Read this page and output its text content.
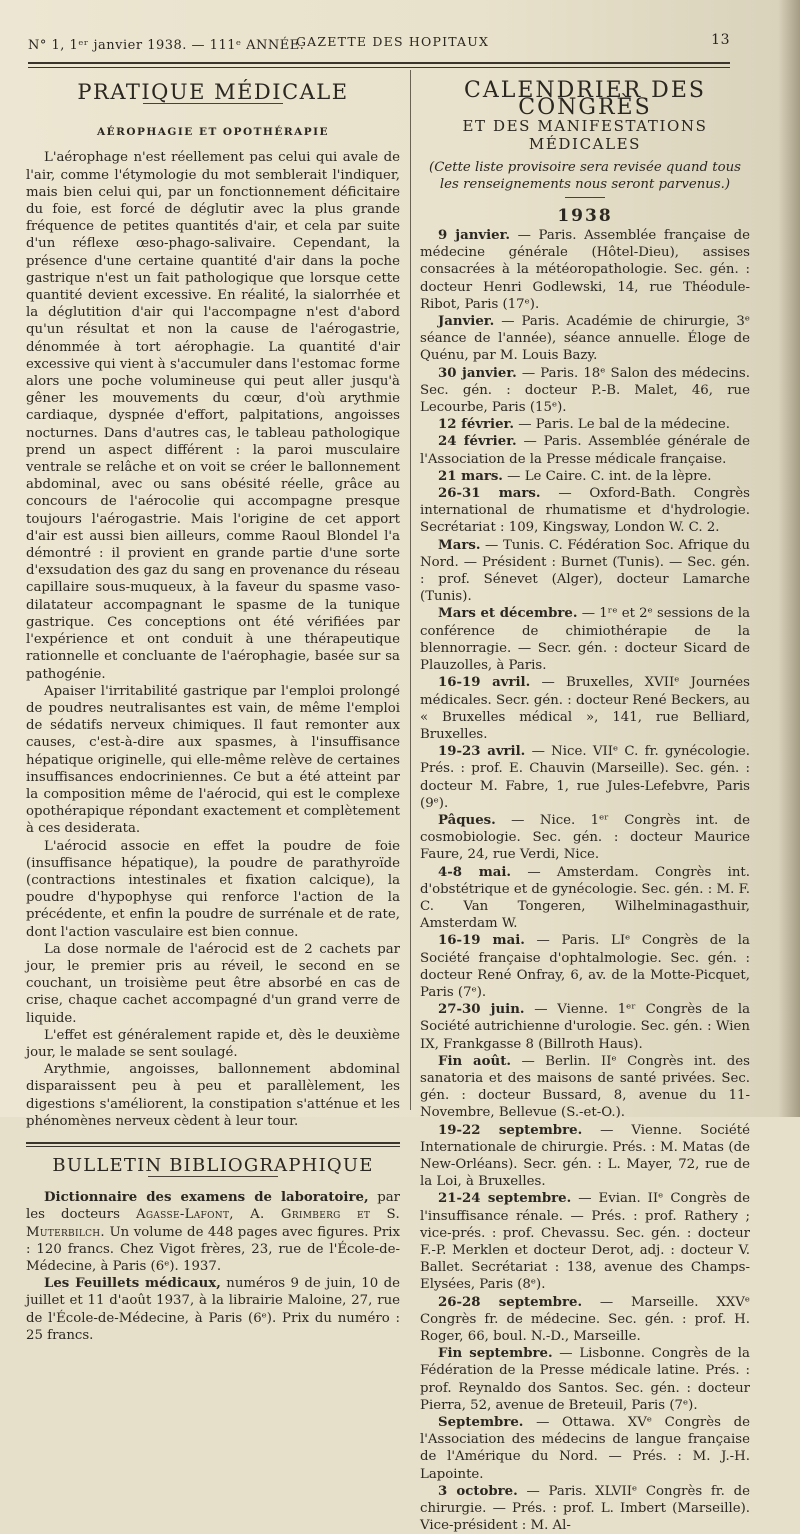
N° 1, 1ᵉʳ janvier 1938. — 111ᵉ ANNÉE.
GAZETTE DES HOPITAUX	13
PRATIQUE MÉDICALE
AÉROPHAGIE ET OPOTHÉRAPIE

L'aérophage n'est réellement pas celui qui avale de l'air, comme l'étymologie du mot semblerait l'indiquer, mais bien celui qui, par un fonctionnement déficitaire du foie, est forcé de déglutir avec la plus grande fréquence de petites quantités d'air, et cela par suite d'un réflexe œso-phago-salivaire. Cependant, la présence d'une certaine quantité d'air dans la poche gastrique n'est un fait pathologique que lorsque cette quantité devient excessive. En réalité, la sialorrhée et la déglutition d'air qui l'accompagne n'est d'abord qu'un résultat et non la cause de l'aérogastrie, dénommée à tort aérophagie. La quantité d'air excessive qui vient à s'accumuler dans l'estomac forme alors une poche volumineuse qui peut aller jusqu'à gêner les mouvements du cœur, d'où arythmie cardiaque, dyspnée d'effort, palpitations, angoisses nocturnes. Dans d'autres cas, le tableau pathologique prend un aspect différent : la paroi musculaire ventrale se relâche et on voit se créer le ballonnement abdominal, avec ou sans obésité réelle, grâce au concours de l'aérocolie qui accompagne presque toujours l'aérogastrie. Mais l'origine de cet apport d'air est aussi bien ailleurs, comme Raoul Blondel l'a démontré : il provient en grande partie d'une sorte d'exsudation des gaz du sang en provenance du réseau capillaire sous-muqueux, à la faveur du spasme vaso-dilatateur accompagnant le spasme de la tunique gastrique. Ces conceptions ont été vérifiées par l'expérience et ont conduit à une thérapeutique rationnelle et concluante de l'aérophagie, basée sur sa pathogénie.

Apaiser l'irritabilité gastrique par l'emploi prolongé de poudres neutralisantes est vain, de même l'emploi de sédatifs nerveux chimiques. Il faut remonter aux causes, c'est-à-dire aux spasmes, à l'insuffisance hépatique originelle, qui elle-même relève de certaines insuffisances endocriniennes. Ce but a été atteint par la composition même de l'aérocid, qui est le complexe opothérapique répondant exactement et complètement à ces desiderata.

L'aérocid associe en effet la poudre de foie (insuffisance hépatique), la poudre de parathyroïde (contractions intestinales et fixation calcique), la poudre d'hypophyse qui renforce l'action de la précédente, et enfin la poudre de surrénale et de rate, dont l'action vasculaire est bien connue.

La dose normale de l'aérocid est de 2 cachets par jour, le premier pris au réveil, le second en se couchant, un troisième peut être absorbé en cas de crise, chaque cachet accompagné d'un grand verre de liquide.

L'effet est généralement rapide et, dès le deuxième jour, le malade se sent soulagé.

Arythmie, angoisses, ballonnement abdominal disparaissent peu à peu et parallèlement, les digestions s'améliorent, la constipation s'atténue et les phénomènes nerveux cèdent à leur tour.

BULLETIN BIBLIOGRAPHIQUE

Dictionnaire des examens de laboratoire, par les docteurs Agasse-Lafont, A. Grimberg et S. Muterbilch. Un volume de 448 pages avec figures. Prix : 120 francs. Chez Vigot frères, 23, rue de l'École-de-Médecine, à Paris (6ᵉ). 1937.

Les Feuillets médicaux, numéros 9 de juin, 10 de juillet et 11 d'août 1937, à la librairie Maloine, 27, rue de l'École-de-Médecine, à Paris (6ᵉ). Prix du numéro : 25 francs.

CALENDRIER DES CONGRÈS
ET DES MANIFESTATIONS MÉDICALES
(Cette liste provisoire sera revisée quand tous les renseignements nous seront parvenus.)
1938

9 janvier. — Paris. Assemblée française de médecine générale (Hôtel-Dieu), assises consacrées à la météoropathologie. Sec. gén. : docteur Henri Godlewski, 14, rue Théodule-Ribot, Paris (17ᵉ).

Janvier. — Paris. Académie de chirurgie, 3ᵉ séance de l'année), séance annuelle. Éloge de Quénu, par M. Louis Bazy.

30 janvier. — Paris. 18ᵉ Salon des médecins. Sec. gén. : docteur P.-B. Malet, 46, rue Lecourbe, Paris (15ᵉ).

12 février. — Paris. Le bal de la médecine.

24 février. — Paris. Assemblée générale de l'Association de la Presse médicale française.

21 mars. — Le Caire. C. int. de la lèpre.

26-31 mars. — Oxford-Bath. Congrès international de rhumatisme et d'hydrologie. Secrétariat : 109, Kingsway, London W. C. 2.

Mars. — Tunis. C. Fédération Soc. Afrique du Nord. — Président : Burnet (Tunis). — Sec. gén. : prof. Sénevet (Alger), docteur Lamarche (Tunis).

Mars et décembre. — 1ʳᵉ et 2ᵉ sessions de la conférence de chimiothérapie de la blennorragie. — Secr. gén. : docteur Sicard de Plauzolles, à Paris.

16-19 avril. — Bruxelles, XVIIᵉ Journées médicales. Secr. gén. : docteur René Beckers, au « Bruxelles médical », 141, rue Belliard, Bruxelles.

19-23 avril. — Nice. VIIᵉ C. fr. gynécologie. Prés. : prof. E. Chauvin (Marseille). Sec. gén. : docteur M. Fabre, 1, rue Jules-Lefebvre, Paris (9ᵉ).

Pâques. — Nice. 1ᵉʳ Congrès int. de cosmobiologie. Sec. gén. : docteur Maurice Faure, 24, rue Verdi, Nice.

4-8 mai. — Amsterdam. Congrès int. d'obstétrique et de gynécologie. Sec. gén. : M. F. C. Van Tongeren, Wilhelminagasthuir, Amsterdam W.

16-19 mai. — Paris. LIᵉ Congrès de la Société française d'ophtalmologie. Sec. gén. : docteur René Onfray, 6, av. de la Motte-Picquet, Paris (7ᵉ).

27-30 juin. — Vienne. 1ᵉʳ Congrès de la Société autrichienne d'urologie. Sec. gén. : Wien IX, Frankgasse 8 (Billroth Haus).

Fin août. — Berlin. IIᵉ Congrès int. des sanatoria et des maisons de santé privées. Sec. gén. : docteur Bussard, 8, avenue du 11-Novembre, Bellevue (S.-et-O.).

19-22 septembre. — Vienne. Société Internationale de chirurgie. Prés. : M. Matas (de New-Orléans). Secr. gén. : L. Mayer, 72, rue de la Loi, à Bruxelles.

21-24 septembre. — Evian. IIᵉ Congrès de l'insuffisance rénale. — Prés. : prof. Rathery ; vice-prés. : prof. Chevassu. Sec. gén. : docteur F.-P. Merklen et docteur Derot, adj. : docteur V. Ballet. Secrétariat : 138, avenue des Champs-Elysées, Paris (8ᵉ).

26-28 septembre. — Marseille. XXVᵉ Congrès fr. de médecine. Sec. gén. : prof. H. Roger, 66, boul. N.-D., Marseille.

Fin septembre. — Lisbonne. Congrès de la Fédération de la Presse médicale latine. Prés. : prof. Reynaldo dos Santos. Sec. gén. : docteur Pierra, 52, avenue de Breteuil, Paris (7ᵉ).

Septembre. — Ottawa. XVᵉ Congrès de l'Association des médecins de langue française de l'Amérique du Nord. — Prés. : M. J.-H. Lapointe.

3 octobre. — Paris. XLVIIᵉ Congrès fr. de chirurgie. — Prés. : prof. L. Imbert (Marseille). Vice-président : M. Al-
